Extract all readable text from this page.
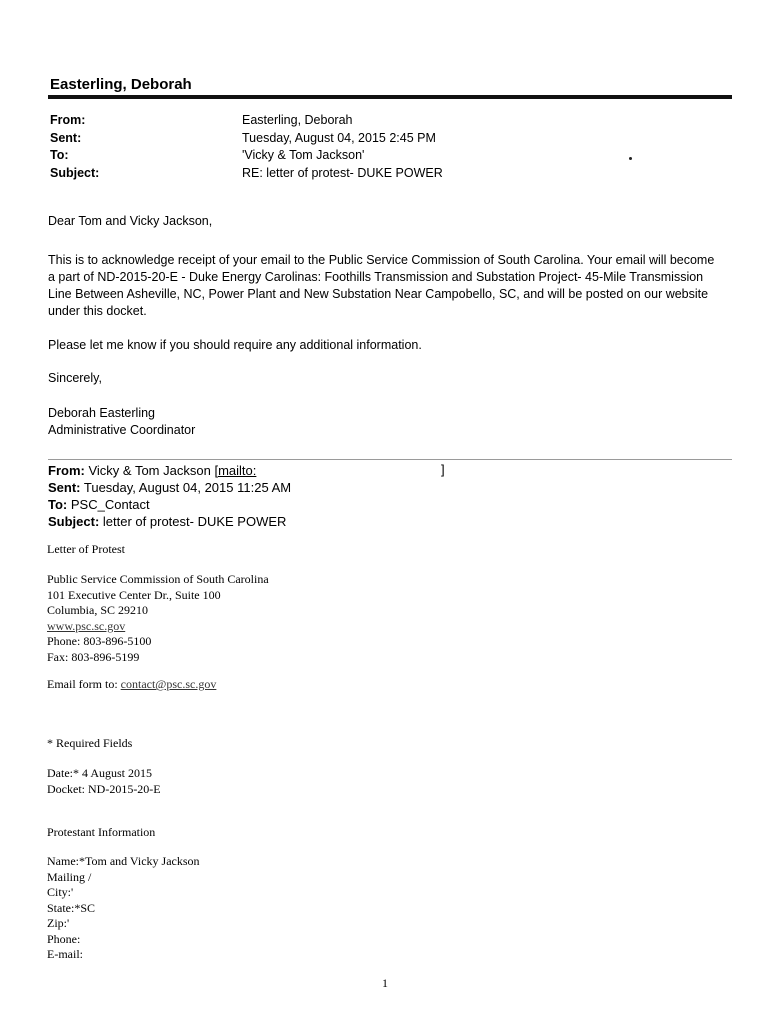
Easterling, Deborah
From:
Sent:
To:
Subject:
Easterling, Deborah
Tuesday, August 04, 2015 2:45 PM
'Vicky & Tom Jackson'
RE: letter of protest- DUKE POWER
Dear Tom and Vicky Jackson,
This is to acknowledge receipt of your email to the Public Service Commission of South Carolina. Your email will become
a part of ND-2015-20-E - Duke Energy Carolinas: Foothills Transmission and Substation Project- 45-Mile Transmission
Line Between Asheville, NC, Power Plant and New Substation Near Campobello, SC, and will be posted on our website
under this docket.
Please let me know if you should require any additional information.
Sincerely,
Deborah Easterling
Administrative Coordinator
From: Vicky & Tom Jackson [mailto:
Sent: Tuesday, August 04, 2015 11:25 AM
To: PSC_Contact
Subject: letter of protest- DUKE POWER
]
Letter of Protest
Public Service Commission of South Carolina
101 Executive Center Dr., Suite 100
Columbia, SC 29210
www.psc.sc.gov
Phone: 803-896-5100
Fax: 803-896-5199
Email form to: contact@psc.sc.gov
* Required Fields
Date:* 4 August 2015
Docket: ND-2015-20-E
Protestant Information
Name:*Tom and Vicky Jackson
Mailing /
City:'
State:*SC
Zip:'
Phone:
E-mail:
1
